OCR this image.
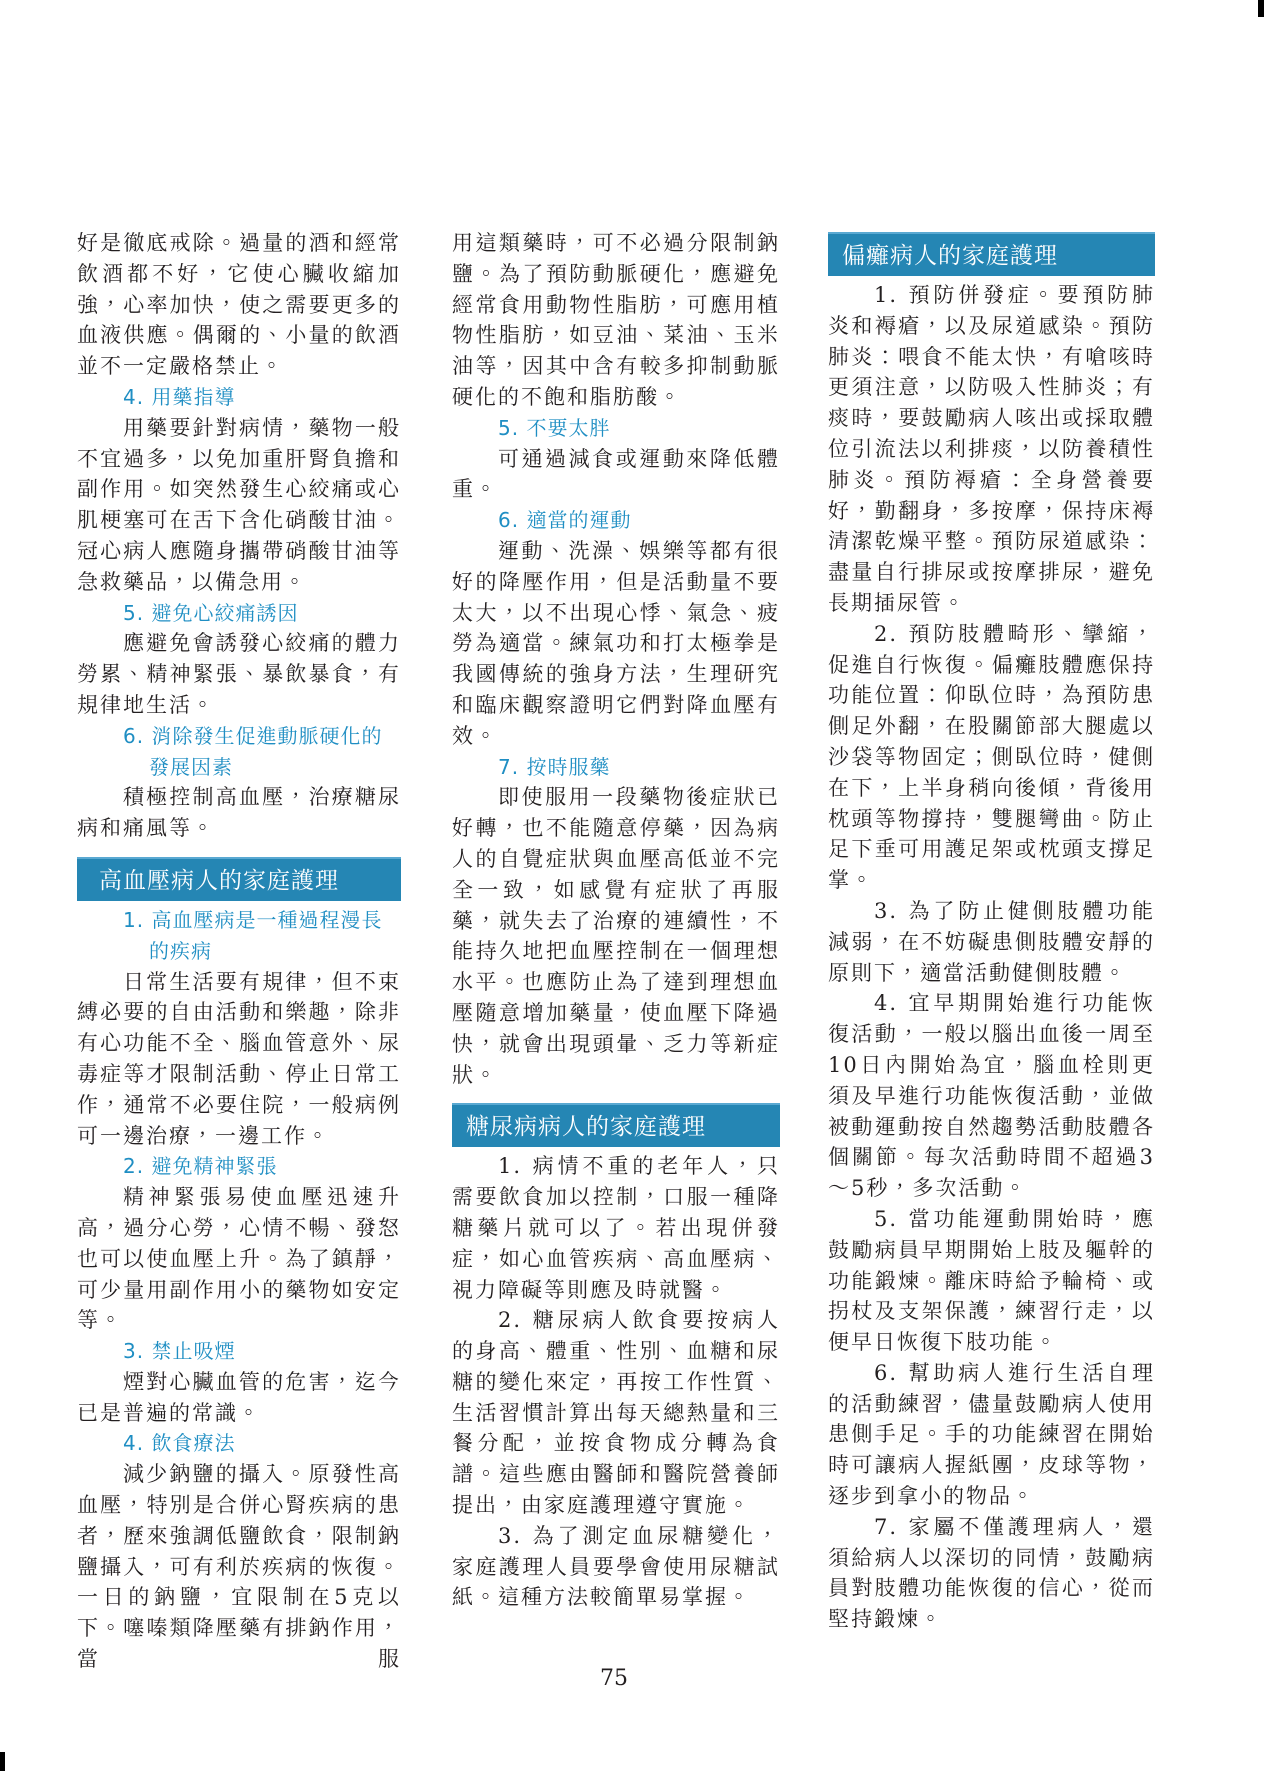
好是徹底戒除。過量的酒和經常飲酒都不好，它使心臟收縮加強，心率加快，使之需要更多的血液供應。偶爾的、小量的飲酒並不一定嚴格禁止。

4. 用藥指導

用藥要針對病情，藥物一般不宜過多，以免加重肝腎負擔和副作用。如突然發生心絞痛或心肌梗塞可在舌下含化硝酸甘油。冠心病人應隨身攜帶硝酸甘油等急救藥品，以備急用。

5. 避免心絞痛誘因

應避免會誘發心絞痛的體力勞累、精神緊張、暴飲暴食，有規律地生活。

6. 消除發生促進動脈硬化的發展因素

積極控制高血壓，治療糖尿病和痛風等。

高血壓病人的家庭護理
1. 高血壓病是一種過程漫長的疾病

日常生活要有規律，但不束縛必要的自由活動和樂趣，除非有心功能不全、腦血管意外、尿毒症等才限制活動、停止日常工作，通常不必要住院，一般病例可一邊治療，一邊工作。

2. 避免精神緊張

精神緊張易使血壓迅速升高，過分心勞，心情不暢、發怒也可以使血壓上升。為了鎮靜，可少量用副作用小的藥物如安定等。

3. 禁止吸煙

煙對心臟血管的危害，迄今已是普遍的常識。

4. 飲食療法

減少鈉鹽的攝入。原發性高血壓，特別是合併心腎疾病的患者，歷來強調低鹽飲食，限制鈉鹽攝入，可有利於疾病的恢復。一日的鈉鹽，宜限制在5克以下。噻嗪類降壓藥有排鈉作用，當服

用這類藥時，可不必過分限制鈉鹽。為了預防動脈硬化，應避免經常食用動物性脂肪，可應用植物性脂肪，如豆油、菜油、玉米油等，因其中含有較多抑制動脈硬化的不飽和脂肪酸。

5. 不要太胖

可通過減食或運動來降低體重。

6. 適當的運動

運動、洗澡、娛樂等都有很好的降壓作用，但是活動量不要太大，以不出現心悸、氣急、疲勞為適當。練氣功和打太極拳是我國傳統的強身方法，生理研究和臨床觀察證明它們對降血壓有效。

7. 按時服藥

即使服用一段藥物後症狀已好轉，也不能隨意停藥，因為病人的自覺症狀與血壓高低並不完全一致，如感覺有症狀了再服藥，就失去了治療的連續性，不能持久地把血壓控制在一個理想水平。也應防止為了達到理想血壓隨意增加藥量，使血壓下降過快，就會出現頭暈、乏力等新症狀。

糖尿病病人的家庭護理

1. 病情不重的老年人，只需要飲食加以控制，口服一種降糖藥片就可以了。若出現併發症，如心血管疾病、高血壓病、視力障礙等則應及時就醫。

2. 糖尿病人飲食要按病人的身高、體重、性別、血糖和尿糖的變化來定，再按工作性質、生活習慣計算出每天總熱量和三餐分配，並按食物成分轉為食譜。這些應由醫師和醫院營養師提出，由家庭護理遵守實施。

3. 為了測定血尿糖變化，家庭護理人員要學會使用尿糖試紙。這種方法較簡單易掌握。

偏癱病人的家庭護理

1. 預防併發症。要預防肺炎和褥瘡，以及尿道感染。預防肺炎：喂食不能太快，有嗆咳時更須注意，以防吸入性肺炎；有痰時，要鼓勵病人咳出或採取體位引流法以利排痰，以防養積性肺炎。預防褥瘡：全身營養要好，勤翻身，多按摩，保持床褥清潔乾燥平整。預防尿道感染：盡量自行排尿或按摩排尿，避免長期插尿管。

2. 預防肢體畸形、攣縮，促進自行恢復。偏癱肢體應保持功能位置：仰臥位時，為預防患側足外翻，在股關節部大腿處以沙袋等物固定；側臥位時，健側在下，上半身稍向後傾，背後用枕頭等物撐持，雙腿彎曲。防止足下垂可用護足架或枕頭支撐足掌。

3. 為了防止健側肢體功能減弱，在不妨礙患側肢體安靜的原則下，適當活動健側肢體。

4. 宜早期開始進行功能恢復活動，一般以腦出血後一周至10日內開始為宜，腦血栓則更須及早進行功能恢復活動，並做被動運動按自然趨勢活動肢體各個關節。每次活動時間不超過3～5秒，多次活動。

5. 當功能運動開始時，應鼓勵病員早期開始上肢及軀幹的功能鍛煉。離床時給予輪椅、或拐杖及支架保護，練習行走，以便早日恢復下肢功能。

6. 幫助病人進行生活自理的活動練習，儘量鼓勵病人使用患側手足。手的功能練習在開始時可讓病人握紙團，皮球等物，逐步到拿小的物品。

7. 家屬不僅護理病人，還須給病人以深切的同情，鼓勵病員對肢體功能恢復的信心，從而堅持鍛煉。

75
